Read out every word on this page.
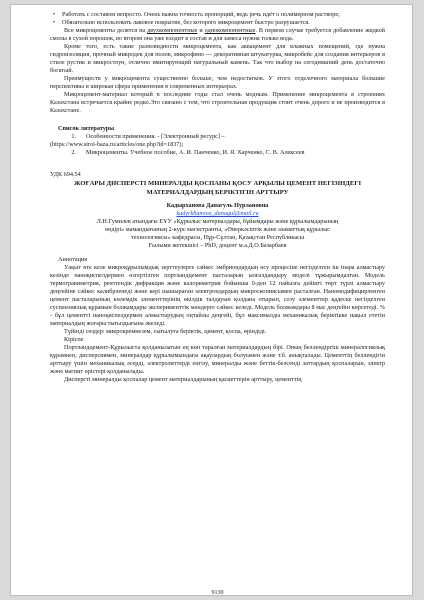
•	Работать с составом непросто. Очень важна точность пропорций, ведь речь идёт о полимерном растворе;
•	Обязательно использовать лаковое покрытие, без которого микроцемент быстро разрушается.

Все микроцементы делятся на двухкомпонентные и однокомпонентные. В первом случае требуется добавление жидкой смолы в сухой порошок, во втором она уже входит в состав и для замеса нужна только вода.

Кроме того, есть такие разновидности микроцемента, как аквацемент для влажных помещений, где нужна гидроизоляция, прочный микродек для полов, микрофино — декоративная штукатурка, микробейс для создания интерьеров в стиле рустик и микростоун, отлично имитирующий натуральный камень. Так что выбор на сегодняшний день достаточно богатый.

Преимуществ у микроцемента существенно больше, чем недостатков. У этого отделочного материала большие перспективы и широкая сфера применения в современных интерьерах.

Микроцемент-материал который в последние годы стал очень модным. Применение микроцемента в строениях Казахстана встречается крайне редко.Это связано с тем, что строительная продукция стоит очень дорого и не производится в Казахстане.

Список литературы

1.	Особенности применения. - [Электронный ресурс] –

(https://www.stroi-baza.ru/articles/one.php?id=1837);

2.	Микроцементы. Учебное пособие, А. И. Панченко, И. Я. Харченко, С. В. Алексеев

УДК 694.54

ЖОҒАРЫ ДИСПЕРСТІ МИНЕРАЛДЫ ҚОСПАНЫ ҚОСУ АРҚЫЛЫ ЦЕМЕНТ НЕГІЗІНДЕГІ МАТЕРИАЛДАРДЫҢ БЕРІКТІГІН АРТТЫРУ

Кадырханова Данагуль Нурлановна

kadyrkhanova_danagul@mail.ru

Л.Н.Гумилев атындағы ЕҰУ «Құрылыс материалдары, бұйымдары және құрылымдарының

өндірі» мамандығының 2-курс магистранты, «Өнеркәсіптік және азаматтық құрылыс

технологиясы» кафедрасы, Нұр-Сұлтан, Қазақстан Республикасы

Ғылыми жетекшісі – PhD, доцент м.а.Д.О.Базарбаев

Аннотация

Уақыт өте келе микроқұрылымдық зерттеулерге сәйкес эмбриондардың өсу процесіне негізделген іш інара алмастыру кезінде наноқиспелдермен өзгертілген портландцемент пасталарын ылғалдандыру моделі тұжырымдалған. Модель термогравиметрия, рентгендік дифракция және калориметрия бойынша 0-ден 12 пайызға дейінгі төрт түрлі алмастыру деңгейіне сәйкес калибрленеді және кері шашыраған электрондардың микроскопиясымен расталған. Наномодифицирленген цемент пасталарының көлемдік элементтерінің өкілдік талдауын қолдана отырып, созу элементтер қадеске негізделген суспензиялық құрамын болжамдары эксперименттік мәндерге сәйкес келеді. Модель болжамдары 8 мас деңгейін көрсетеді. % - бұл цементті наноқиспелдермен алмастырудың оңтайлы деңгейі, бұл максималды механикалық беріктікке нақыл ететін материалдың жоғары тығыздығына әкеледі.

Түйінді сөздер: микрокремнезем, сығылуға беріктік, цемент, қоспа, өріндіді.

Кіріспе

Портландцемент-Құрылыста қолданылатын ең көп таралған материалдардың бірі. Оның беллендіргіш минералогиялық құрамнен, дисперсиямен, минералдар құрылымындағы ақаулардың болуымен және т.б. анықталады. Цементтің беллендігін арттыру үшін механикалық әсерді, электролиттерді енгізу, минералды және беттік-белсенді заттардың қоспаларын, электр және магнит өрістері қолданылады.

Дисперсті минералды қоспалар цемент материалдарының қасиеттерін арттыру, цементтің

9130
